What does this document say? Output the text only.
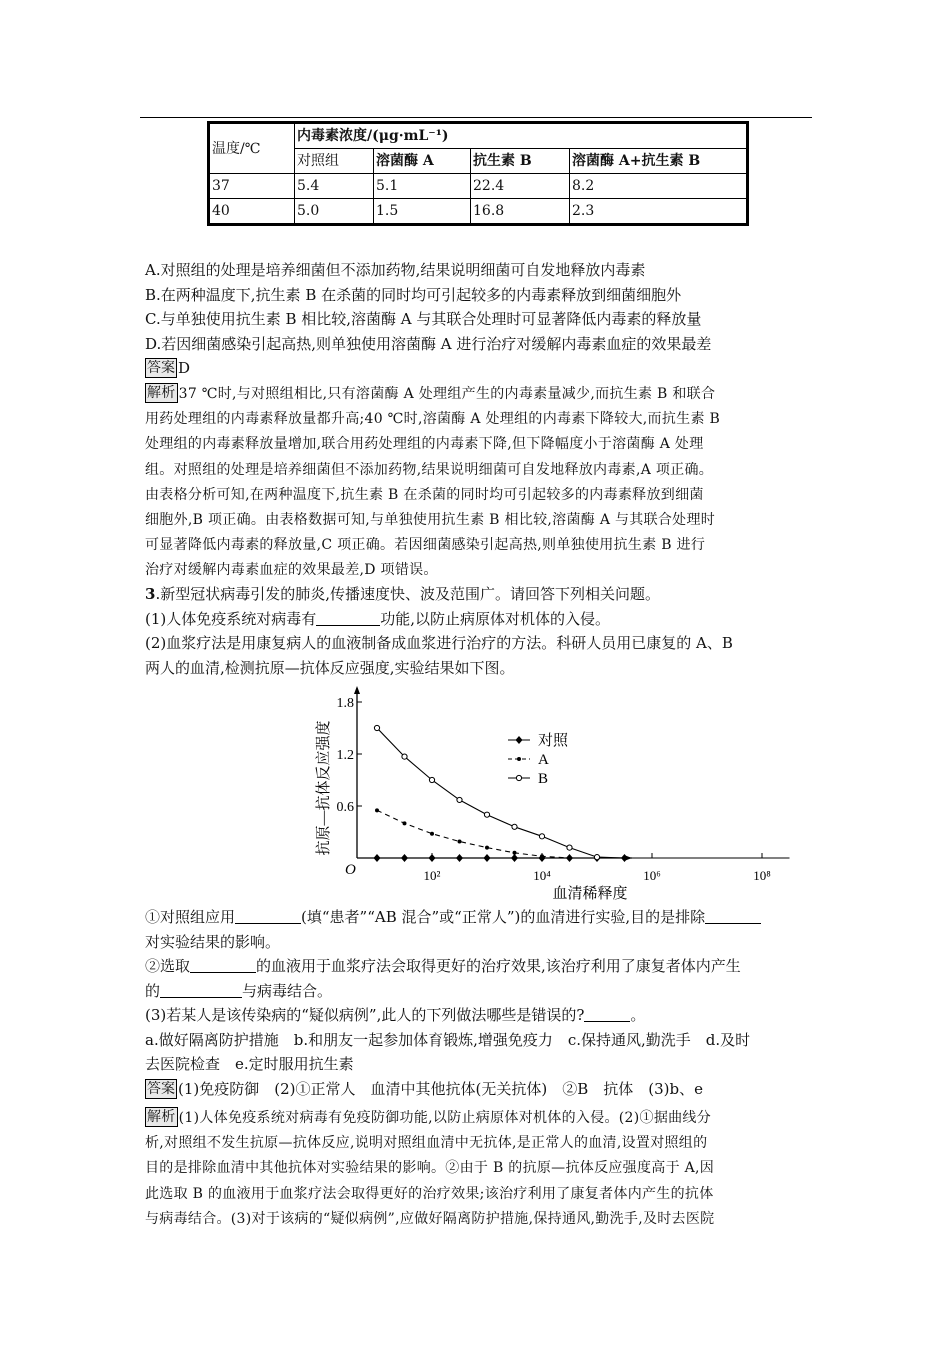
温度/℃	内毒素浓度/(μg·mL⁻¹)			
	对照组	溶菌酶 A	抗生素 B	溶菌酶 A+抗生素 B
37	5.4	5.1	22.4	8.2
40	5.0	1.5	16.8	2.3
A.对照组的处理是培养细菌但不添加药物,结果说明细菌可自发地释放内毒素
B.在两种温度下,抗生素 B 在杀菌的同时均可引起较多的内毒素释放到细菌细胞外
C.与单独使用抗生素 B 相比较,溶菌酶 A 与其联合处理时可显著降低内毒素的释放量
D.若因细菌感染引起高热,则单独使用溶菌酶 A 进行治疗对缓解内毒素血症的效果最差
答案 D
解析 37 ℃时,与对照组相比,只有溶菌酶 A 处理组产生的内毒素量减少,而抗生素 B 和联合
用药处理组的内毒素释放量都升高;40 ℃时,溶菌酶 A 处理组的内毒素下降较大,而抗生素 B
处理组的内毒素释放量增加,联合用药处理组的内毒素下降,但下降幅度小于溶菌酶 A 处理
组。对照组的处理是培养细菌但不添加药物,结果说明细菌可自发地释放内毒素,A 项正确。
由表格分析可知,在两种温度下,抗生素 B 在杀菌的同时均可引起较多的内毒素释放到细菌
细胞外,B 项正确。由表格数据可知,与单独使用抗生素 B 相比较,溶菌酶 A 与其联合处理时
可显著降低内毒素的释放量,C 项正确。若因细菌感染引起高热,则单独使用抗生素 B 进行
治疗对缓解内毒素血症的效果最差,D 项错误。
3.新型冠状病毒引发的肺炎,传播速度快、波及范围广。请回答下列相关问题。
(1)人体免疫系统对病毒有	功能,以防止病原体对机体的入侵。
(2)血浆疗法是用康复病人的血液制备成血浆进行治疗的方法。科研人员用已康复的 A、B
两人的血清,检测抗原—抗体反应强度,实验结果如下图。
0.6
1.2
1.8
抗原—抗体反应强度
O	10²	10⁴	10⁶	10⁸
血清稀释度
对照
A
B
①对照组应用	(填“患者”“AB 混合”或“正常人”)的血清进行实验,目的是排除
对实验结果的影响。
②选取	的血液用于血浆疗法会取得更好的治疗效果,该治疗利用了康复者体内产生
的	与病毒结合。
(3)若某人是该传染病的“疑似病例”,此人的下列做法哪些是错误的?	。
a.做好隔离防护措施　b.和朋友一起参加体育锻炼,增强免疫力　c.保持通风,勤洗手　d.及时
去医院检查　e.定时服用抗生素
答案 (1)免疫防御　(2)①正常人　血清中其他抗体(无关抗体)　②B　抗体　(3)b、e
解析 (1)人体免疫系统对病毒有免疫防御功能,以防止病原体对机体的入侵。(2)①据曲线分
析,对照组不发生抗原—抗体反应,说明对照组血清中无抗体,是正常人的血清,设置对照组的
目的是排除血清中其他抗体对实验结果的影响。②由于 B 的抗原—抗体反应强度高于 A,因
此选取 B 的血液用于血浆疗法会取得更好的治疗效果;该治疗利用了康复者体内产生的抗体
与病毒结合。(3)对于该病的“疑似病例”,应做好隔离防护措施,保持通风,勤洗手,及时去医院
